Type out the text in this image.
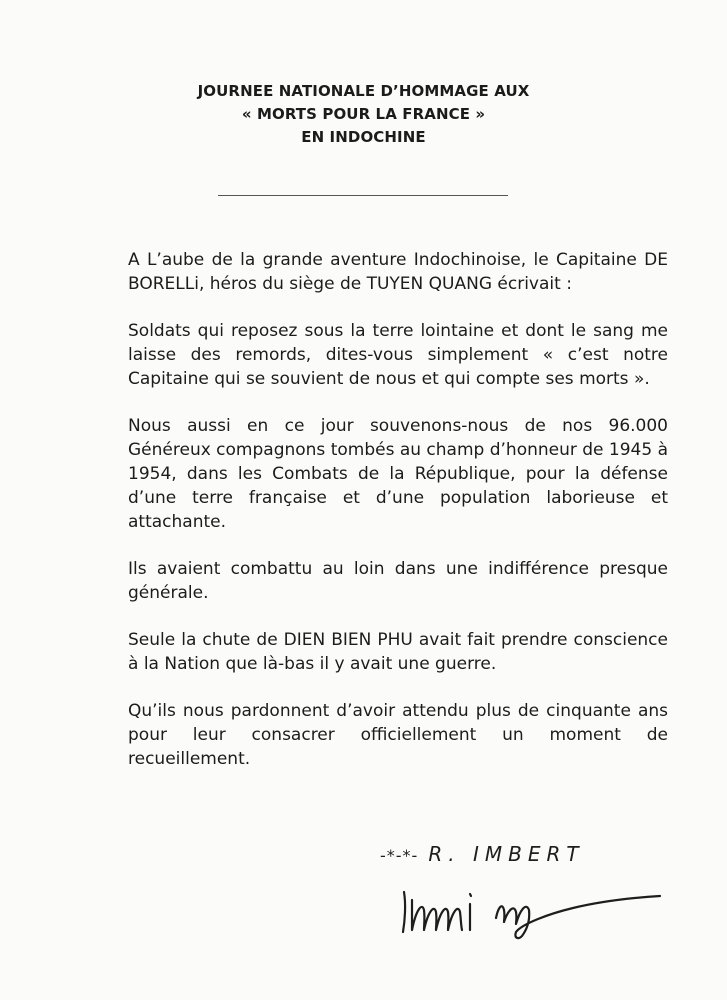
JOURNEE NATIONALE D’HOMMAGE AUX
« MORTS POUR LA FRANCE »
EN INDOCHINE

A L’aube de la grande aventure Indochinoise, le Capitaine DE BORELLi, héros du siège de TUYEN QUANG écrivait :

Soldats qui reposez sous la terre lointaine et dont le sang me laisse des remords, dites-vous simplement « c’est notre Capitaine qui se souvient de nous et qui compte ses morts ».

Nous aussi en ce jour souvenons-nous de nos 96.000 Généreux compagnons tombés au champ d’honneur de 1945 à 1954, dans les Combats de la République, pour la défense d’une terre française et d’une population laborieuse et attachante.

Ils avaient combattu au loin dans une indifférence presque générale.

Seule la chute de DIEN BIEN PHU avait fait prendre conscience à la Nation que là-bas il y avait une guerre.

Qu’ils nous pardonnent d’avoir attendu plus de cinquante ans pour leur consacrer officiellement un moment de recueillement.

-*-*- R. IMBERT
